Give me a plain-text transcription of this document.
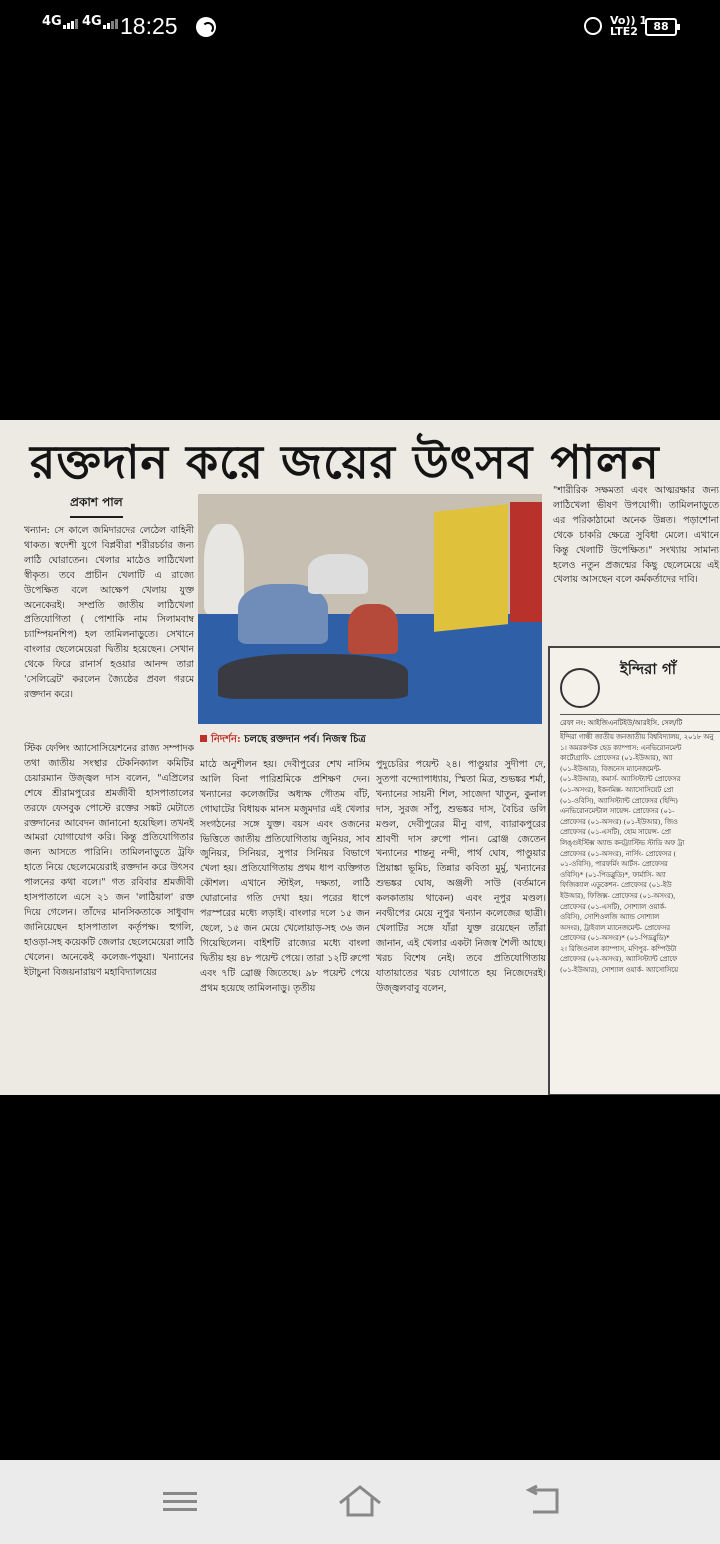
4G	4G 18:25	Vo)) 1
LTE2	88
রক্তদান করে জয়ের উৎসব পালন
প্রকাশ পাল

খন্যান: সে কালে জমিদারদের লেঠেল বাহিনী থাকত। স্বদেশী যুগে বিপ্লবীরা শরীরচর্চার জন্য লাঠি ঘোরাতেন। খেলার মাঠেও লাঠিখেলা স্বীকৃত। তবে প্রাচীন খেলাটি এ রাজ্যে উপেক্ষিত বলে আক্ষেপ খেলায় যুক্ত অনেকেরই। সম্প্রতি জাতীয় লাঠিখেলা প্রতিযোগিতা ( পোশাকি নাম সিলামবাম্ব চ্যাম্পিয়নশিপ) হল তামিলনাড়ুতে। সেখানে বাংলার ছেলেমেয়েরা দ্বিতীয় হয়েছেন। সেখান থেকে ফিরে রানার্স হওয়ার আনন্দ তারা 'সেলিব্রেট' করলেন জ্যৈষ্ঠের প্রবল গরমে রক্তদান করে।

নিদর্শন: চলছে রক্তদান পর্ব। নিজস্ব চিত্র

স্টিক ফেন্সিং অ্যাসোসিয়েশনের রাজ্য সম্পাদক তথা জাতীয় সংস্থার টেকনিক্যাল কমিটির চেয়ারম্যান উজ্জ্বল দাস বলেন, "এপ্রিলের শেষে শ্রীরামপুরের শ্রমজীবী হাসপাতালের তরফে ফেসবুক পোস্টে রক্তের সঙ্কট মেটাতে রক্তদানের আবেদন জানানো হয়েছিল। তখনই আমরা যোগাযোগ করি। কিন্তু প্রতিযোগিতার জন্য আসতে পারিনি। তামিলনাড়ুতে ট্রফি হাতে নিয়ে ছেলেমেয়েরাই রক্তদান করে উৎসব পালনের কথা বলে।" গত রবিবার শ্রমজীবী হাসপাতালে এসে ২১ জন 'লাঠিয়াল' রক্ত দিয়ে গেলেন। তাঁদের মানসিকতাকে সাধুবাদ জানিয়েছেন হাসপাতাল কর্তৃপক্ষ। হুগলি, হাওড়া-সহ কয়েকটি জেলার ছেলেমেয়েরা লাঠি খেলেন। অনেকেই কলেজ-পড়ুয়া। খন্যানের ইটাচুনা বিজয়নারায়ণ মহাবিদ্যালয়ের

মাঠে অনুশীলন হয়। দেবীপুরের শেখ নাসিম আলি বিনা পারিশ্রমিকে প্রশিক্ষণ দেন। খন্যানের কলেজটির অধ্যক্ষ গৌতম বাঁট, গোঘাটের বিধায়ক মানস মজুমদার এই খেলার সংগঠনের সঙ্গে যুক্ত। বয়স এবং ওজনের ভিত্তিতে জাতীয় প্রতিযোগিতায় জুনিয়র, সাব জুনিয়র, সিনিয়র, সুপার সিনিয়র বিভাগে খেলা হয়। প্রতিযোগিতায় প্রথম ধাপ ব্যক্তিগত কৌশল। এখানে স্টাইল, দক্ষতা, লাঠি ঘোরানোর গতি দেখা হয়। পরের ধাপে পরস্পরের মধ্যে লড়াই। বাংলার দলে ১৫ জন ছেলে, ১৫ জন মেয়ে খেলোয়াড়-সহ ৩৬ জন গিয়েছিলেন। বাইশটি রাজ্যের মধ্যে বাংলা দ্বিতীয় হয় ৪৮ পয়েন্ট পেয়ে। তারা ১২টি রুপো এবং ৭টি ব্রোঞ্জ জিতেছে। ৯৮ পয়েন্ট পেয়ে প্রথম হয়েছে তামিলনাড়ু। তৃতীয়

পুদুচেরির পয়েন্ট ২৪। পাণ্ডুয়ার সুদীপা দে, সুতপা বন্দ্যোপাধ্যায়, স্মিতা মিত্র, শুভঙ্কর শর্মা, খন্যানের সায়নী শিল, সাজেদা খাতুন, কুনাল দাস, সুরজ সাঁপু, শুভঙ্কর দাস, বৈচির ডলি মণ্ডল, দেবীপুরের মীনু বাগ, ব্যারাকপুরের শ্রাবণী দাস রুপো পান। ব্রোঞ্জ জেতেন খন্যানের শান্তনু নন্দী, পার্থ ঘোষ, পাণ্ডুয়ার প্রিয়াঙ্কা ভূমিচ, তিন্নার কবিতা মুর্মু, খন্যানের শুভঙ্কর ঘোষ, অঞ্জলী সাউ (বর্তমানে কলকাতায় থাকেন) এবং নূপুর মণ্ডল। নবদ্বীপের মেয়ে নূপুর খন্যান কলেজের ছাত্রী। খেলাটির সঙ্গে যাঁরা যুক্ত রয়েছেন তাঁরা জানান, এই খেলার একটা নিজস্ব শৈলী আছে। খরচ বিশেষ নেই। তবে প্রতিযোগিতায় যাতায়াতের খরচ যোগাতে হয় নিজেদেরই। উজ্জ্বলবাবু বলেন,

"শারীরিক সক্ষমতা এবং আত্মরক্ষার জন্য লাঠিখেলা ভীষণ উপযোগী। তামিলনাড়ুতে এর পরিকাঠামো অনেক উন্নত। পড়াশোনা থেকে চাকরি ক্ষেত্রে সুবিধা মেলে। এখানে কিন্তু খেলাটি উপেক্ষিত।" সংখ্যায় সামান্য হলেও নতুন প্রজন্মের কিছু ছেলেমেয়ে এই খেলায় আসছেন বলে কর্মকর্তাদের দাবি।

ইন্দিরা গাঁ
রেফা নং: আইজিএনটিইউ/আরইসি. সেল/টি
ইন্দিরা গান্ধী জাতীয় জনজাতীয় বিশ্ববিদ্যালয়, ২০১৮ অনু
১। অমরকণ্টক হেড ক্যাম্পাস: এনভিরোনমেন্ট
কার্টোগ্রাফি- প্রোফেসর (০১-ইউআর), অ্যা
(০১-ইউআর), বিজনেস ম্যানেজমেন্ট-
(০১-ইউআর), কমার্স- অ্যাসিস্ট্যান্ট প্রোফেসর
(০১-অসংর), ইকনমিক্স- অ্যাসোসিয়েট প্রো
(০১-ওবিসি), অ্যাসিস্ট্যান্ট প্রোফেসর (হিন্দি)
এনভিরোনমেন্টাল সায়েন্স- প্রোফেসর (০১-
প্রোফেসর (০১-অসংর) (০১-ইউআর), জিও
প্রোফেসর (০১-এসটি), হোম সায়েন্স- প্রো
লিঙ্গুইস্টিক্স অ্যান্ড কনট্র্যাস্টিভ স্টাডি অফ ট্রা
প্রোফেসর (০১-অসংর), নার্সিং- প্রোফেসর (
০১-ওবিসি), পারফর্মিং আর্টস- প্রোফেসর
ওবিসি)* (০১-পিডব্লুডি)*, ফার্মাসি- অ্যা
ফিজিক্যাল এডুকেশন- প্রোফেসর (০১-ইউ
ইউআর), ফিজিক্স- প্রোফেসর (০১-অসংর),
প্রোফেসর (০১-এসটি), সোশ্যাল ওয়ার্ক-
ওবিসি), সোশিওলজি অ্যান্ড সোশ্যাল
অসংর), ট্রাইবাল ম্যানেজমেন্ট- প্রোফেসর
প্রোফেসর (০১-অসংর)* (০১-পিডব্লুডি)*
২। রিজিওনাল ক্যাম্পাস, মণিপুর- কম্পিউটা
প্রোফেসর (০২-অসংর), অ্যাসিস্ট্যান্ট প্রোফে
(০১-ইউআর), সোশ্যাল ওয়ার্ক- অ্যাসোসিয়ে
